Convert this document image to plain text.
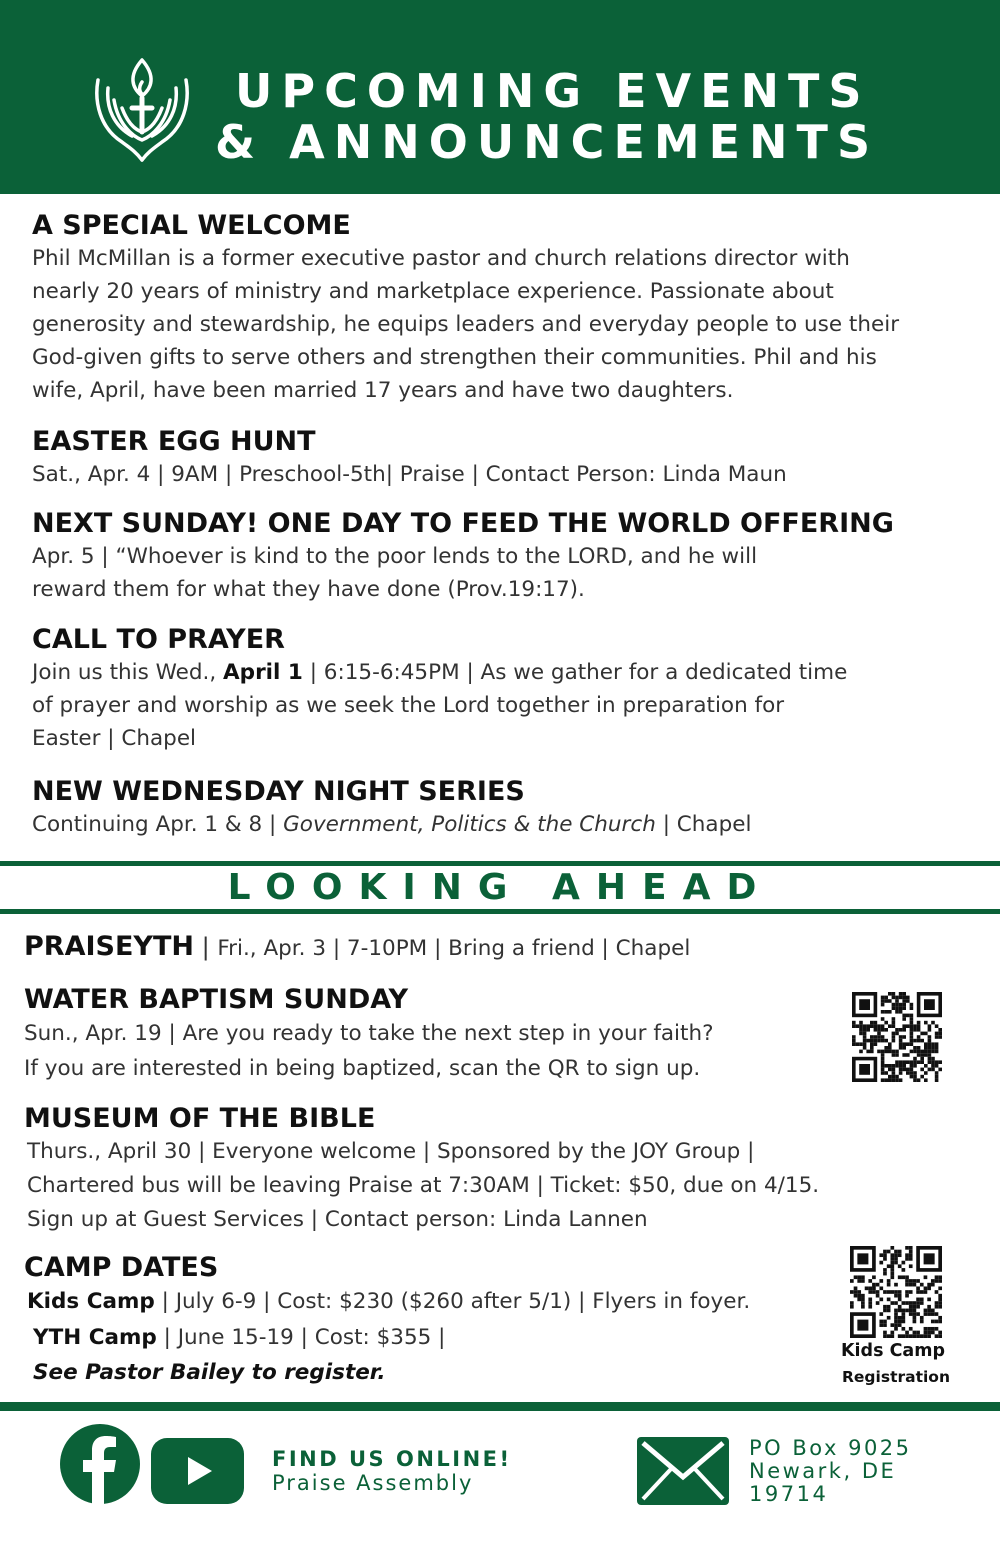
UPCOMING EVENTS
& ANNOUNCEMENTS
A SPECIAL WELCOME
Phil McMillan is a former executive pastor and church relations director with
nearly 20 years of ministry and marketplace experience. Passionate about
generosity and stewardship, he equips leaders and everyday people to use their
God-given gifts to serve others and strengthen their communities. Phil and his
wife, April, have been married 17 years and have two daughters.
EASTER EGG HUNT
Sat., Apr. 4 | 9AM | Preschool-5th| Praise | Contact Person: Linda Maun
NEXT SUNDAY! ONE DAY TO FEED THE WORLD OFFERING
Apr. 5 | “Whoever is kind to the poor lends to the LORD, and he will
reward them for what they have done (Prov.19:17).
CALL TO PRAYER
Join us this Wed., April 1 | 6:15-6:45PM | As we gather for a dedicated time
of prayer and worship as we seek the Lord together in preparation for
Easter | Chapel
NEW WEDNESDAY NIGHT SERIES
Continuing Apr. 1 & 8 | Government, Politics & the Church | Chapel
LOOKING AHEAD
PRAISEYTH | Fri., Apr. 3 | 7-10PM | Bring a friend | Chapel
WATER BAPTISM SUNDAY
Sun., Apr. 19 | Are you ready to take the next step in your faith?
If you are interested in being baptized, scan the QR to sign up.
MUSEUM OF THE BIBLE
Thurs., April 30 | Everyone welcome | Sponsored by the JOY Group |
Chartered bus will be leaving Praise at 7:30AM | Ticket: $50, due on 4/15.
Sign up at Guest Services | Contact person: Linda Lannen
CAMP DATES
Kids Camp | July 6-9 | Cost: $230 ($260 after 5/1) | Flyers in foyer.
YTH Camp | June 15-19 | Cost: $355 |
See Pastor Bailey to register.
Kids Camp
Registration
FIND US ONLINE!
Praise Assembly
PO Box 9025
Newark, DE
19714
